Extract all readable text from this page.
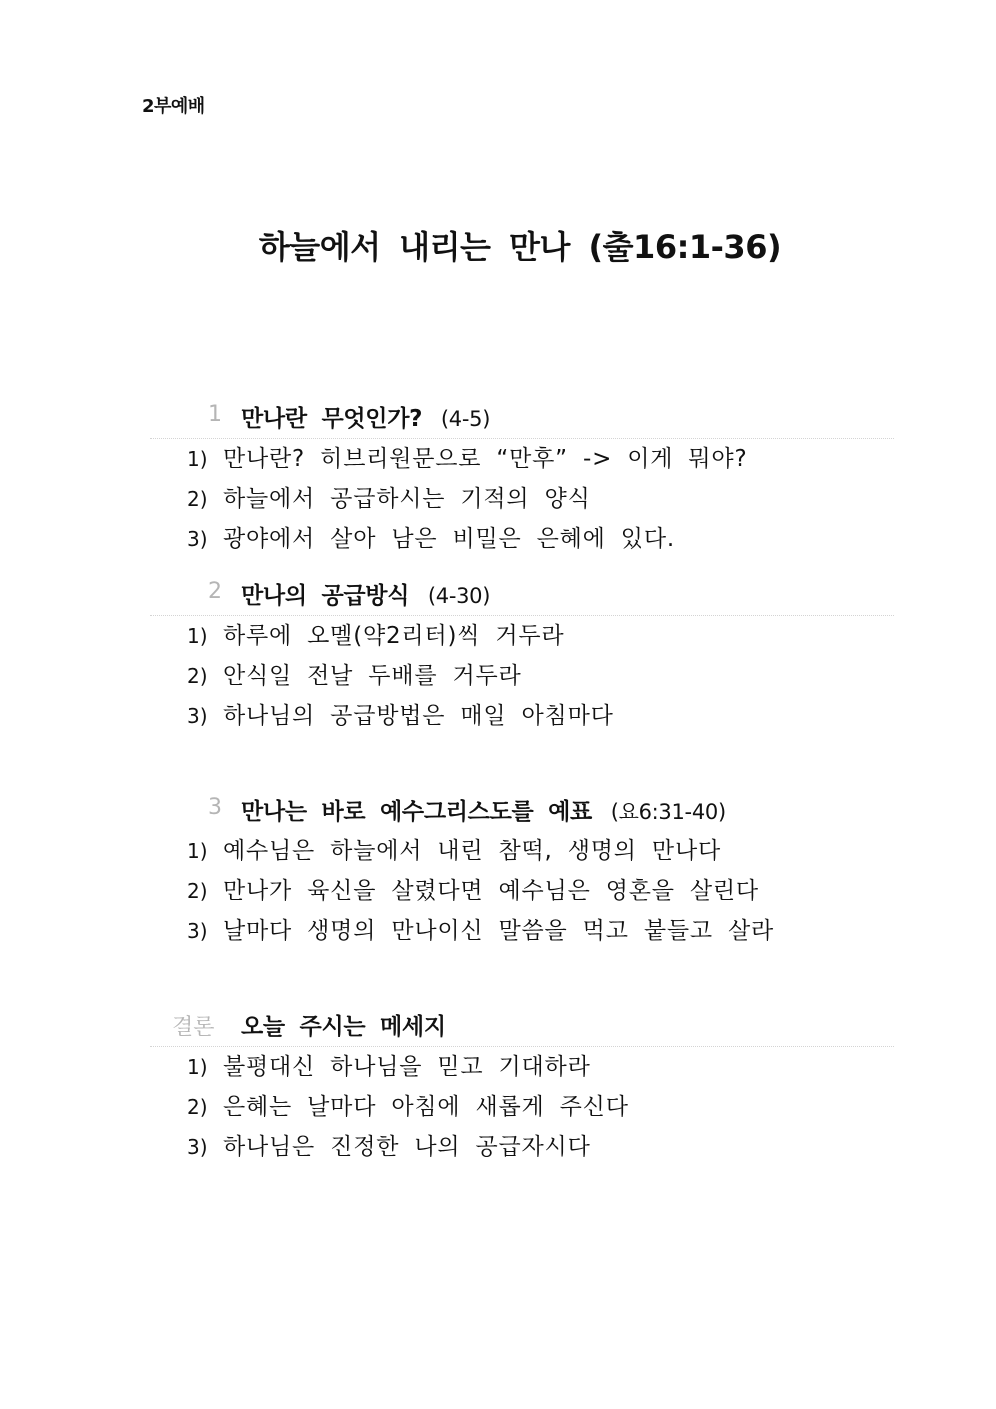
2부예배
하늘에서 내리는 만나 (출16:1-36)
1 만나란 무엇인가? (4-5)
1) 만나란? 히브리원문으로 “만후” -> 이게 뭐야?
2) 하늘에서 공급하시는 기적의 양식
3) 광야에서 살아 남은 비밀은 은혜에 있다.
2 만나의 공급방식 (4-30)
1) 하루에 오멜(약2리터)씩 거두라
2) 안식일 전날 두배를 거두라
3) 하나님의 공급방법은 매일 아침마다
3 만나는 바로 예수그리스도를 예표 (요6:31-40)
1) 예수님은 하늘에서 내린 참떡, 생명의 만나다
2) 만나가 육신을 살렸다면 예수님은 영혼을 살린다
3) 날마다 생명의 만나이신 말씀을 먹고 붙들고 살라
결론 오늘 주시는 메세지
1) 불평대신 하나님을 믿고 기대하라
2) 은혜는 날마다 아침에 새롭게 주신다
3) 하나님은 진정한 나의 공급자시다
